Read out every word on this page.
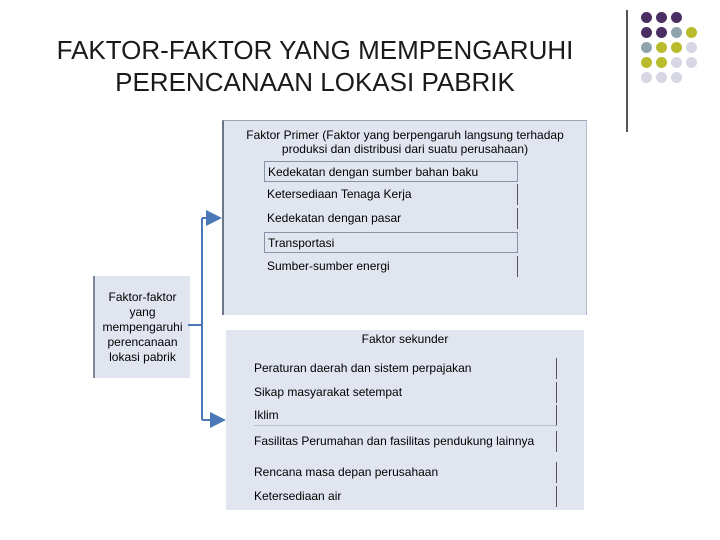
FAKTOR-FAKTOR YANG MEMPENGARUHI
PERENCANAAN LOKASI PABRIK
Faktor-faktor yang mempengaruhi perencanaan lokasi pabrik
Faktor Primer (Faktor yang berpengaruh langsung terhadap
produksi dan distribusi dari suatu perusahaan)
Kedekatan dengan sumber bahan baku
Ketersediaan Tenaga Kerja
Kedekatan dengan pasar
Transportasi
Sumber-sumber energi
Faktor sekunder
Peraturan daerah dan sistem perpajakan
Sikap masyarakat setempat
Iklim
Fasilitas Perumahan dan fasilitas pendukung lainnya
Rencana masa depan perusahaan
Ketersediaan air
